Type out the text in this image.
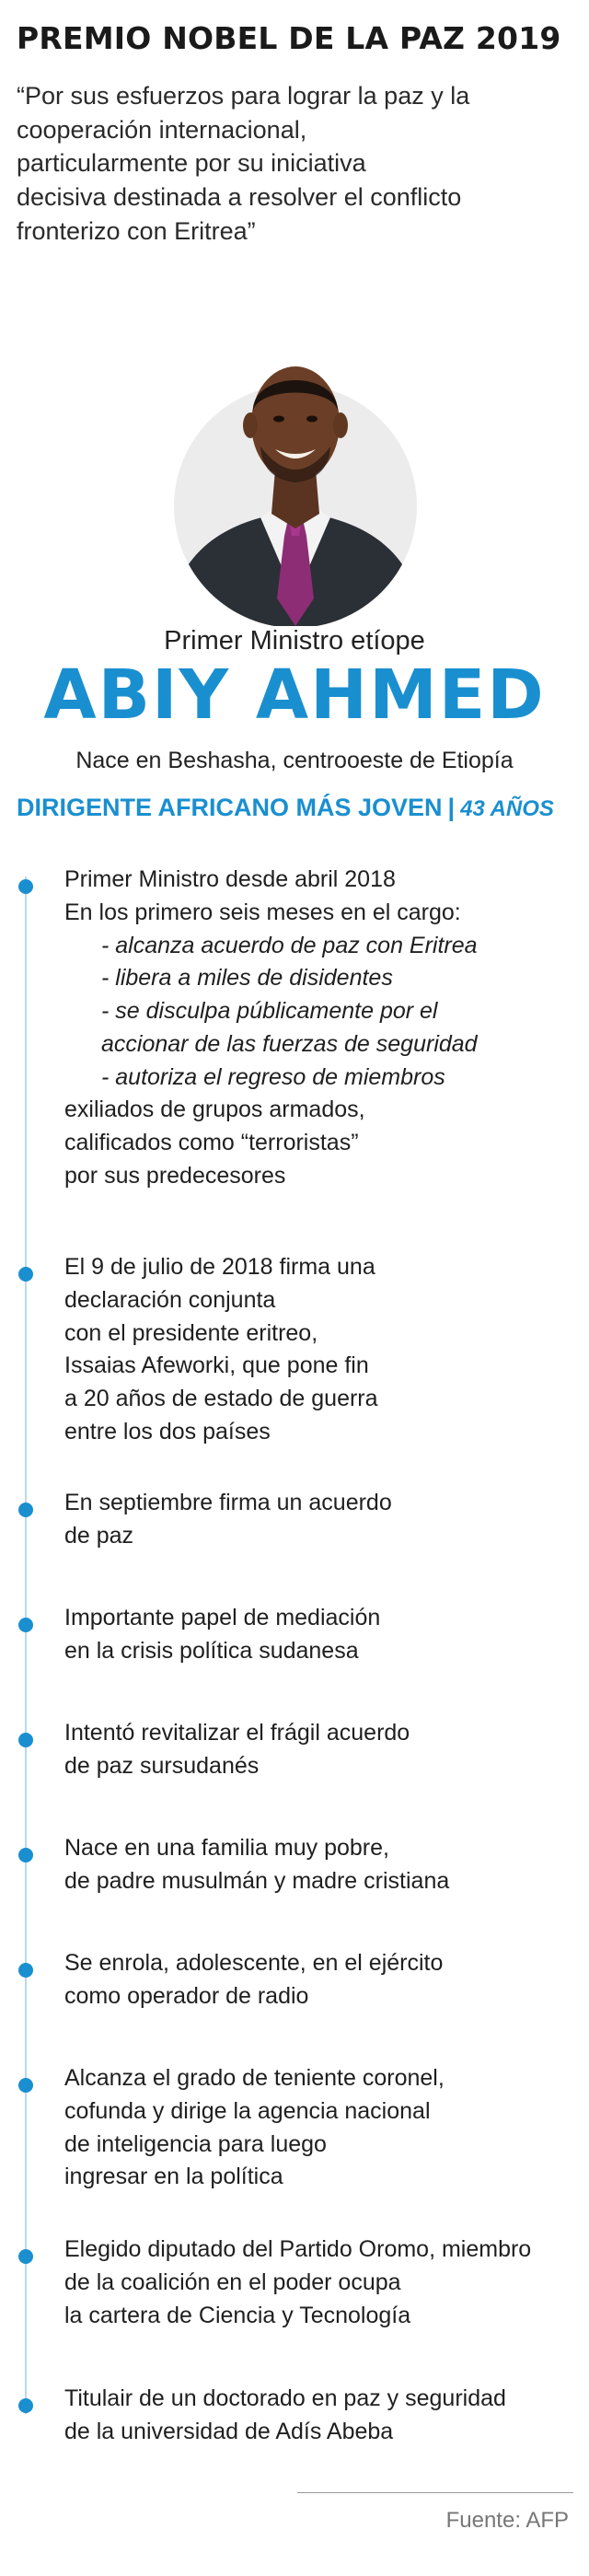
PREMIO NOBEL DE LA PAZ 2019
“Por sus esfuerzos para lograr la paz y la
cooperación internacional,
particularmente por su iniciativa
decisiva destinada a resolver el conflicto
fronterizo con Eritrea”
Primer Ministro etíope
ABIY AHMED
Nace en Beshasha, centrooeste de Etiopía
DIRIGENTE AFRICANO MÁS JOVEN | 43 AÑOS
Primer Ministro desde abril 2018
En los primero seis meses en el cargo:
- alcanza acuerdo de paz con Eritrea
- libera a miles de disidentes
- se disculpa públicamente por el
accionar de las fuerzas de seguridad
- autoriza el regreso de miembros
exiliados de grupos armados,
calificados como “terroristas”
por sus predecesores
El 9 de julio de 2018 firma una
declaración conjunta
con el presidente eritreo,
Issaias Afeworki, que pone fin
a 20 años de estado de guerra
entre los dos países
En septiembre firma un acuerdo
de paz
Importante papel de mediación
en la crisis política sudanesa
Intentó revitalizar el frágil acuerdo
de paz sursudanés
Nace en una familia muy pobre,
de padre musulmán y madre cristiana
Se enrola, adolescente, en el ejército
como operador de radio
Alcanza el grado de teniente coronel,
cofunda y dirige la agencia nacional
de inteligencia para luego
ingresar en la política
Elegido diputado del Partido Oromo, miembro
de la coalición en el poder ocupa
la cartera de Ciencia y Tecnología
Titulair de un doctorado en paz y seguridad
de la universidad de Adís Abeba
Fuente: AFP
